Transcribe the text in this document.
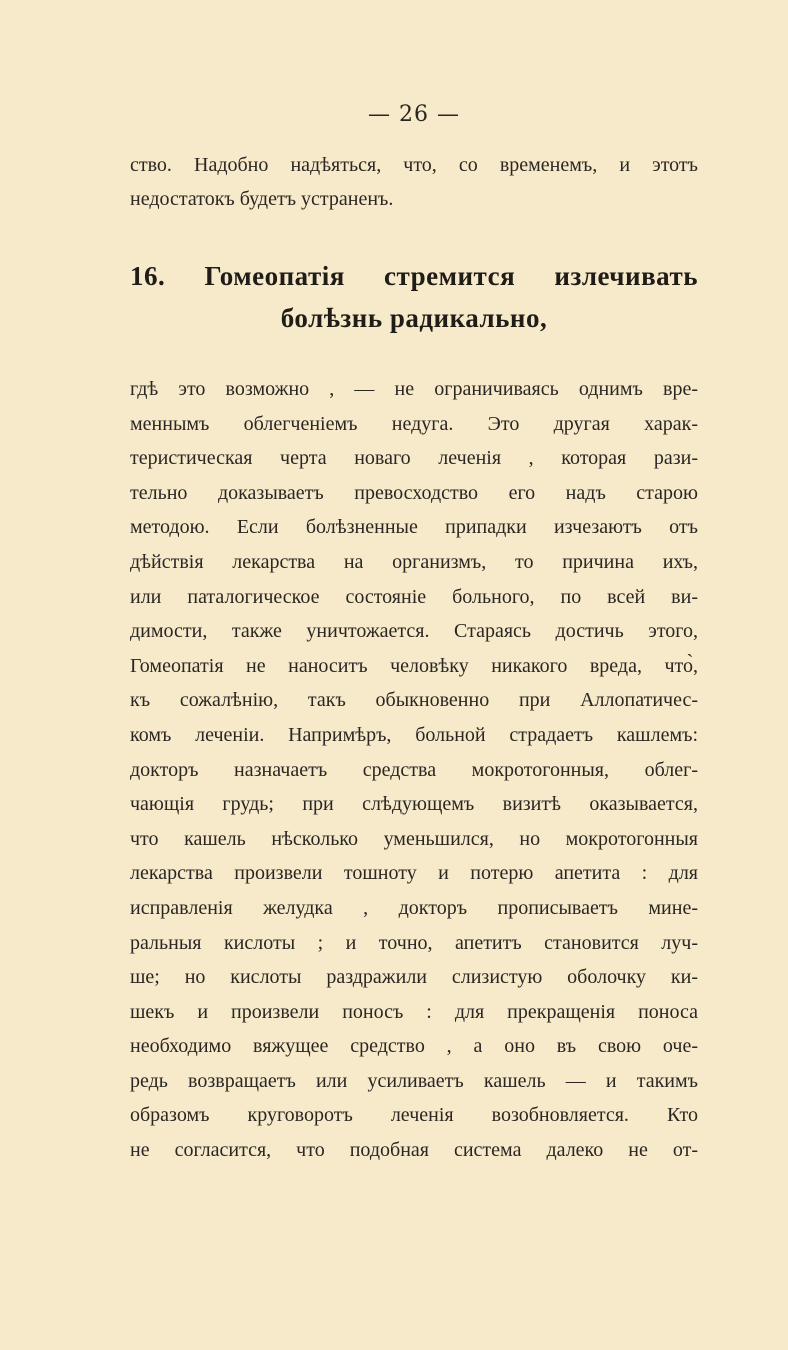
— 26 —
ство. Надобно надѣяться, что, со временемъ, и этотъ
недостатокъ будетъ устраненъ.
16. Гомеопатія стремится излечивать
болѣзнь радикально,
гдѣ это возможно , — не ограничиваясь однимъ вре-
меннымъ облегченіемъ недуга. Это другая харак-
теристическая черта новаго леченія , которая рази-
тельно доказываетъ превосходство его надъ старою
методою. Если болѣзненные припадки изчезаютъ отъ
дѣйствія лекарства на организмъ, то причина ихъ,
или паталогическое состояніе больного, по всей ви-
димости, также уничтожается. Стараясь достичь этого,
Гомеопатія не наноситъ человѣку никакого вреда, что̀,
къ сожалѣнію, такъ обыкновенно при Аллопатичес-
комъ леченіи. Напримѣръ, больной страдаетъ кашлемъ:
докторъ назначаетъ средства мокротогонныя, облег-
чающія грудь; при слѣдующемъ визитѣ оказывается,
что кашель нѣсколько уменьшился, но мокротогонныя
лекарства произвели тошноту и потерю апетита : для
исправленія желудка , докторъ прописываетъ мине-
ральныя кислоты ; и точно, апетитъ становится луч-
ше; но кислоты раздражили слизистую оболочку ки-
шекъ и произвели поносъ : для прекращенія поноса
необходимо вяжущее средство , а оно въ свою оче-
редь возвращаетъ или усиливаетъ кашель — и такимъ
образомъ круговоротъ леченія возобновляется. Кто
не согласится, что подобная система далеко не от-
